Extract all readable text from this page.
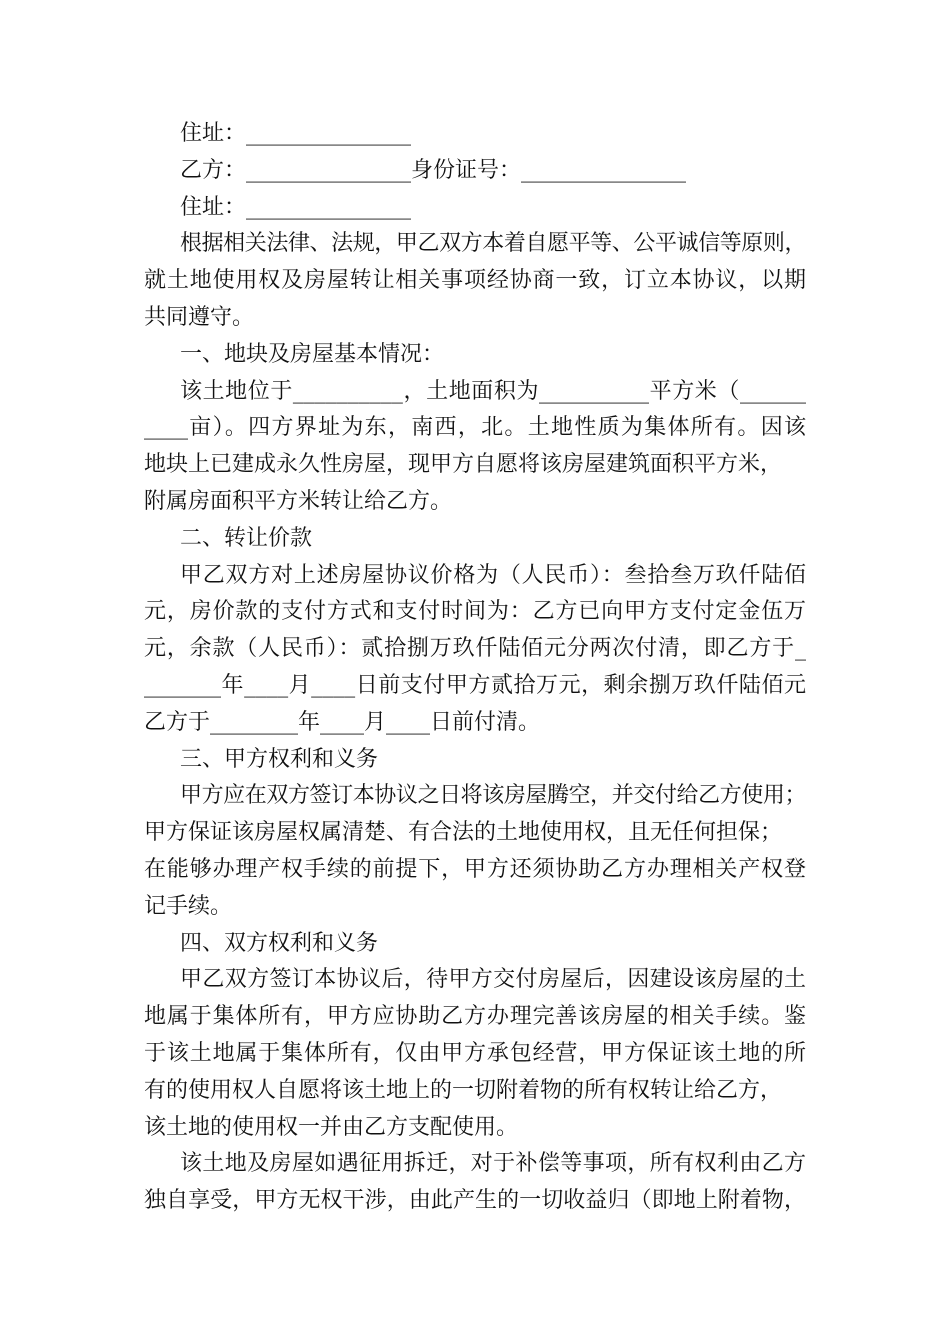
住址：_______________
乙方：_______________身份证号：_______________
住址：_______________
根据相关法律、法规，甲乙双方本着自愿平等、公平诚信等原则，
就土地使用权及房屋转让相关事项经协商一致，订立本协议，以期
共同遵守。
一、地块及房屋基本情况：
该土地位于__________，土地面积为__________平方米（______
____亩）。四方界址为东，南西，北。土地性质为集体所有。因该
地块上已建成永久性房屋，现甲方自愿将该房屋建筑面积平方米，
附属房面积平方米转让给乙方。
二、转让价款
甲乙双方对上述房屋协议价格为（人民币）：叁拾叁万玖仟陆佰
元，房价款的支付方式和支付时间为：乙方已向甲方支付定金伍万
元，余款（人民币）：贰拾捌万玖仟陆佰元分两次付清，即乙方于_
_______年____月____日前支付甲方贰拾万元，剩余捌万玖仟陆佰元
乙方于________年____月____日前付清。
三、甲方权利和义务
甲方应在双方签订本协议之日将该房屋腾空，并交付给乙方使用；
甲方保证该房屋权属清楚、有合法的土地使用权，且无任何担保；
在能够办理产权手续的前提下，甲方还须协助乙方办理相关产权登
记手续。
四、双方权利和义务
甲乙双方签订本协议后，待甲方交付房屋后，因建设该房屋的土
地属于集体所有，甲方应协助乙方办理完善该房屋的相关手续。鉴
于该土地属于集体所有，仅由甲方承包经营，甲方保证该土地的所
有的使用权人自愿将该土地上的一切附着物的所有权转让给乙方，
该土地的使用权一并由乙方支配使用。
该土地及房屋如遇征用拆迁，对于补偿等事项，所有权利由乙方
独自享受，甲方无权干涉，由此产生的一切收益归（即地上附着物，
